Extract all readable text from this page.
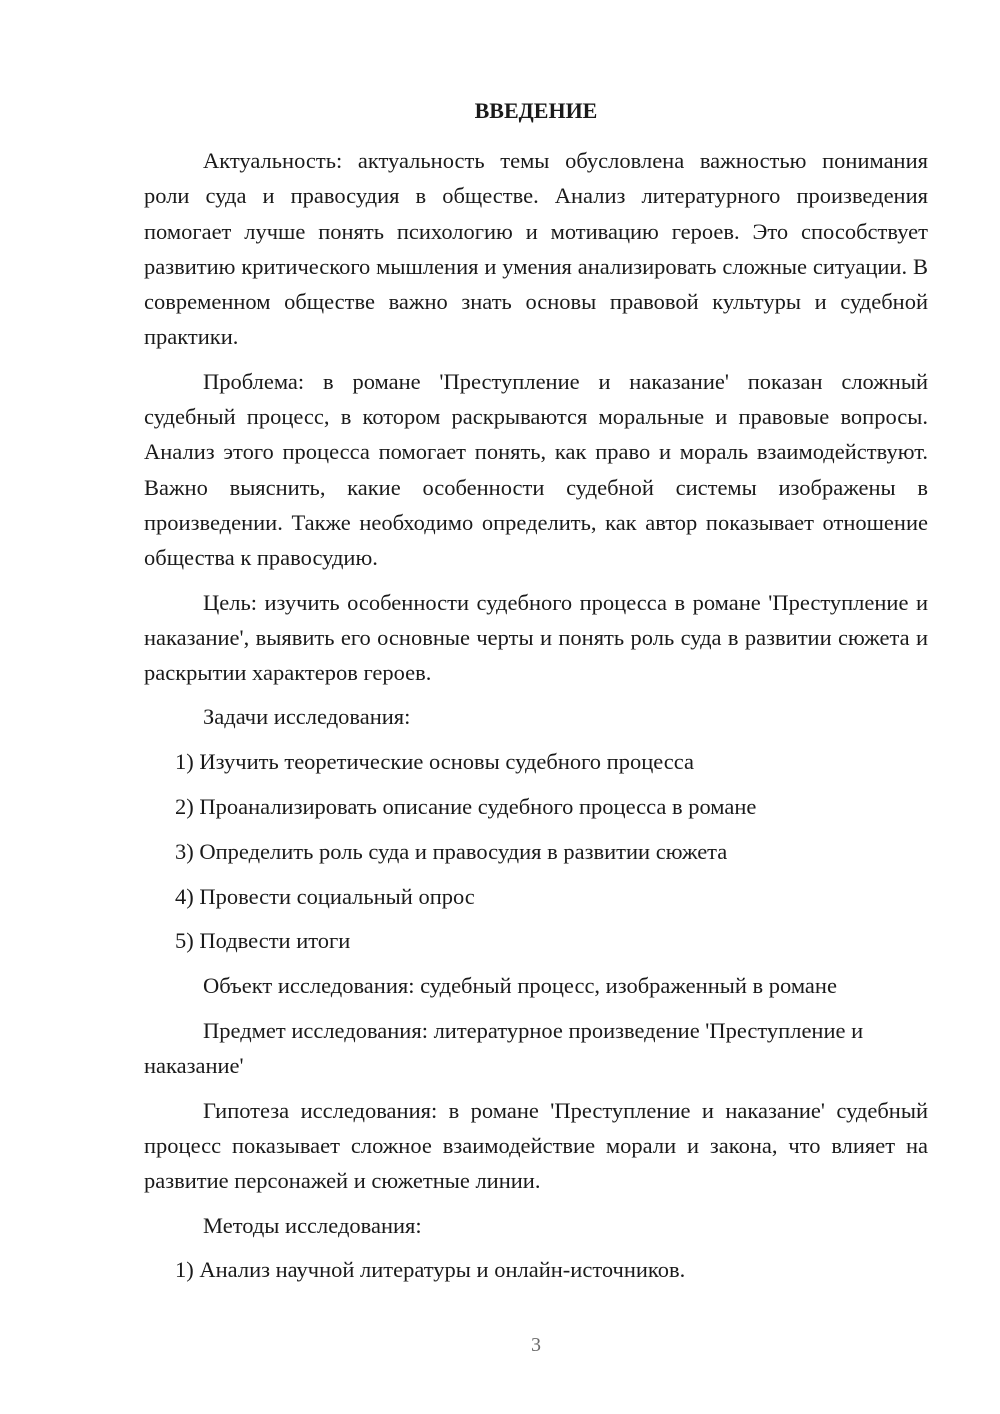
ВВЕДЕНИЕ

Актуальность: актуальность темы обусловлена важностью понимания роли суда и правосудия в обществе. Анализ литературного произведения помогает лучше понять психологию и мотивацию героев. Это способствует развитию критического мышления и умения анализировать сложные ситуации. В современном обществе важно знать основы правовой культуры и судебной практики.

Проблема: в романе 'Преступление и наказание' показан сложный судебный процесс, в котором раскрываются моральные и правовые вопросы. Анализ этого процесса помогает понять, как право и мораль взаимодействуют. Важно выяснить, какие особенности судебной системы изображены в произведении. Также необходимо определить, как автор показывает отношение общества к правосудию.

Цель: изучить особенности судебного процесса в романе 'Преступление и наказание', выявить его основные черты и понять роль суда в развитии сюжета и раскрытии характеров героев.

Задачи исследования:

1) Изучить теоретические основы судебного процесса

2) Проанализировать описание судебного процесса в романе

3) Определить роль суда и правосудия в развитии сюжета

4) Провести социальный опрос

5) Подвести итоги

Объект исследования: судебный процесс, изображенный в романе

Предмет исследования: литературное произведение 'Преступление и наказание'

Гипотеза исследования: в романе 'Преступление и наказание' судебный процесс показывает сложное взаимодействие морали и закона, что влияет на развитие персонажей и сюжетные линии.

Методы исследования:

1) Анализ научной литературы и онлайн-источников.

3
